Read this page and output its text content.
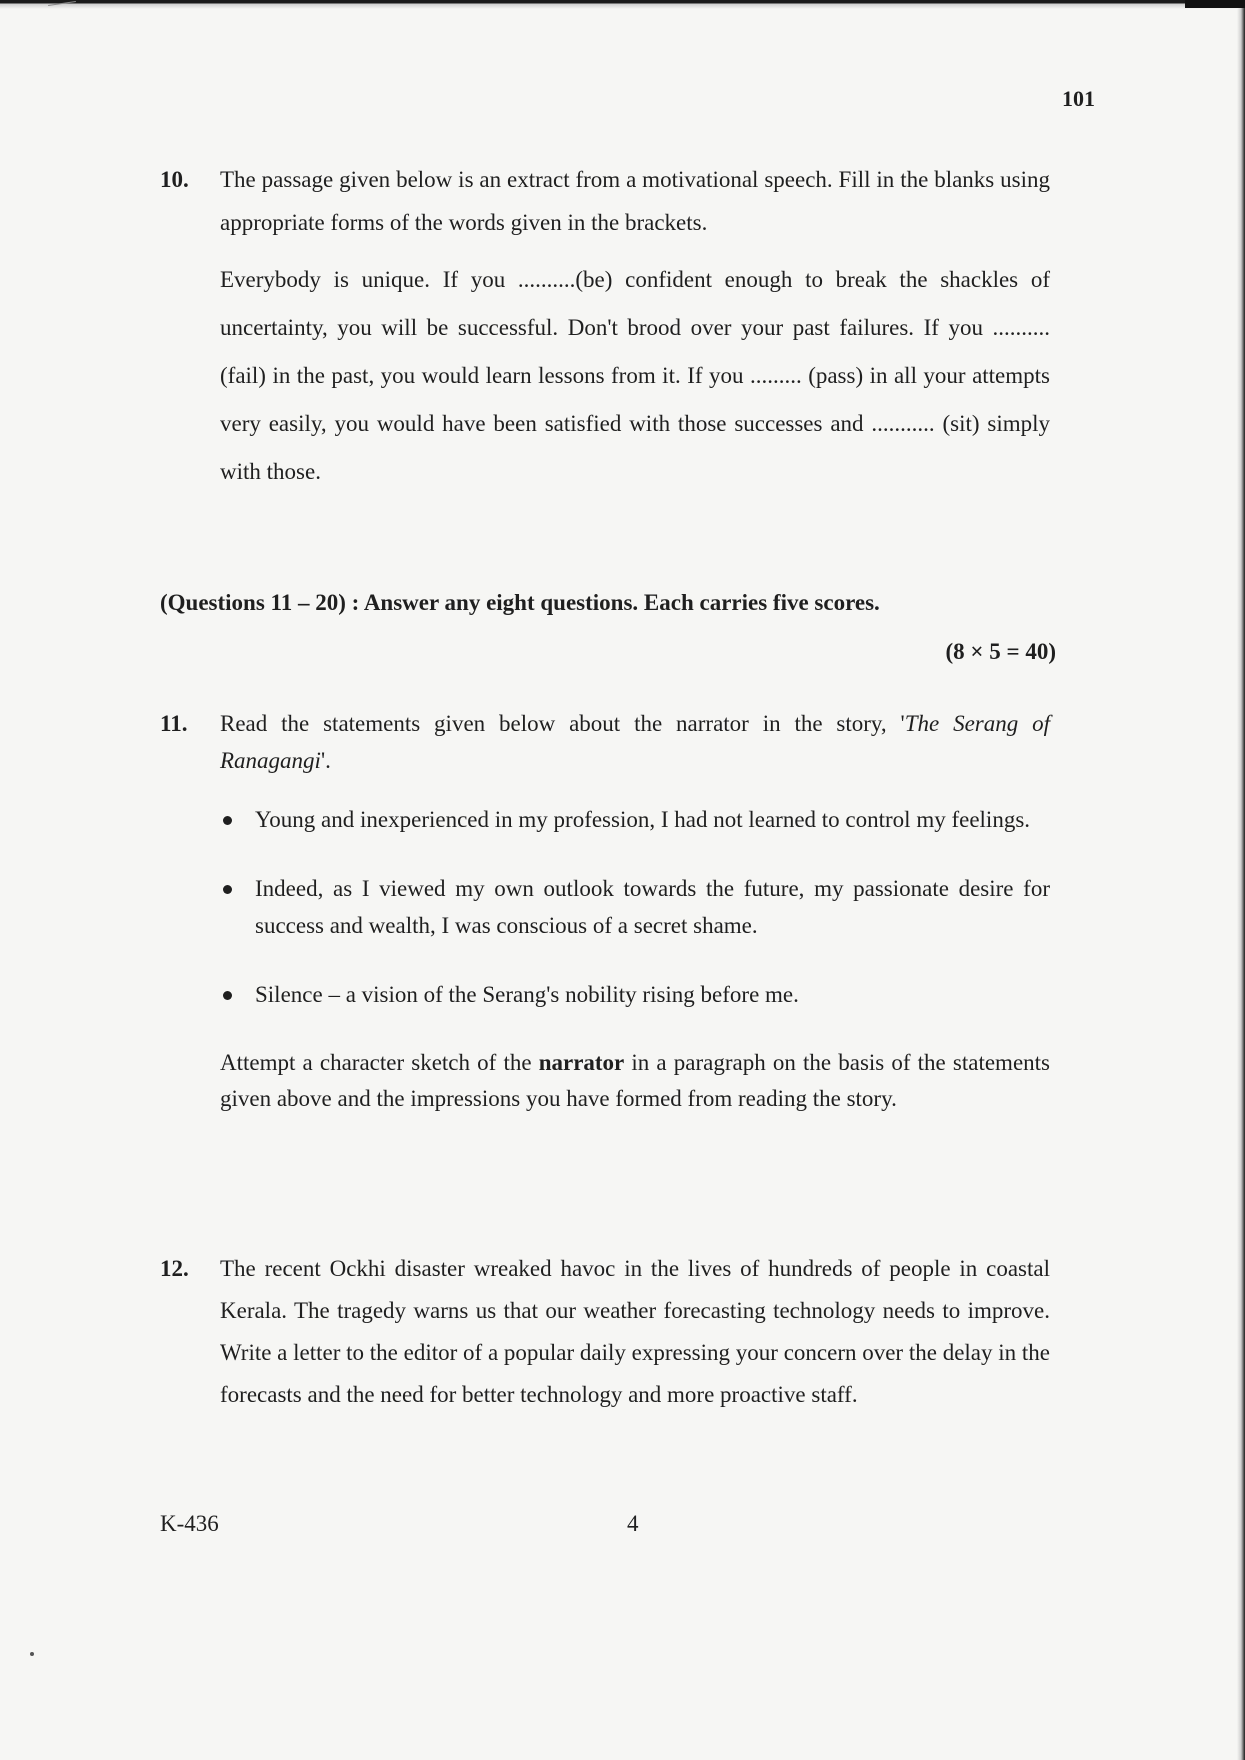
101
10. The passage given below is an extract from a motivational speech. Fill in the blanks using appropriate forms of the words given in the brackets.

Everybody is unique. If you ..........(be) confident enough to break the shackles of uncertainty, you will be successful. Don't brood over your past failures. If you .......... (fail) in the past, you would learn lessons from it. If you ......... (pass) in all your attempts very easily, you would have been satisfied with those successes and ........... (sit) simply with those.

(Questions 11 – 20) : Answer any eight questions. Each carries five scores.
(8 × 5 = 40)
11. Read the statements given below about the narrator in the story, 'The Serang of Ranagangi'.

Young and inexperienced in my profession, I had not learned to control my feelings.
Indeed, as I viewed my own outlook towards the future, my passionate desire for success and wealth, I was conscious of a secret shame.
Silence – a vision of the Serang's nobility rising before me.

Attempt a character sketch of the narrator in a paragraph on the basis of the statements given above and the impressions you have formed from reading the story.

12. The recent Ockhi disaster wreaked havoc in the lives of hundreds of people in coastal Kerala. The tragedy warns us that our weather forecasting technology needs to improve. Write a letter to the editor of a popular daily expressing your concern over the delay in the forecasts and the need for better technology and more proactive staff.

K-436	4
